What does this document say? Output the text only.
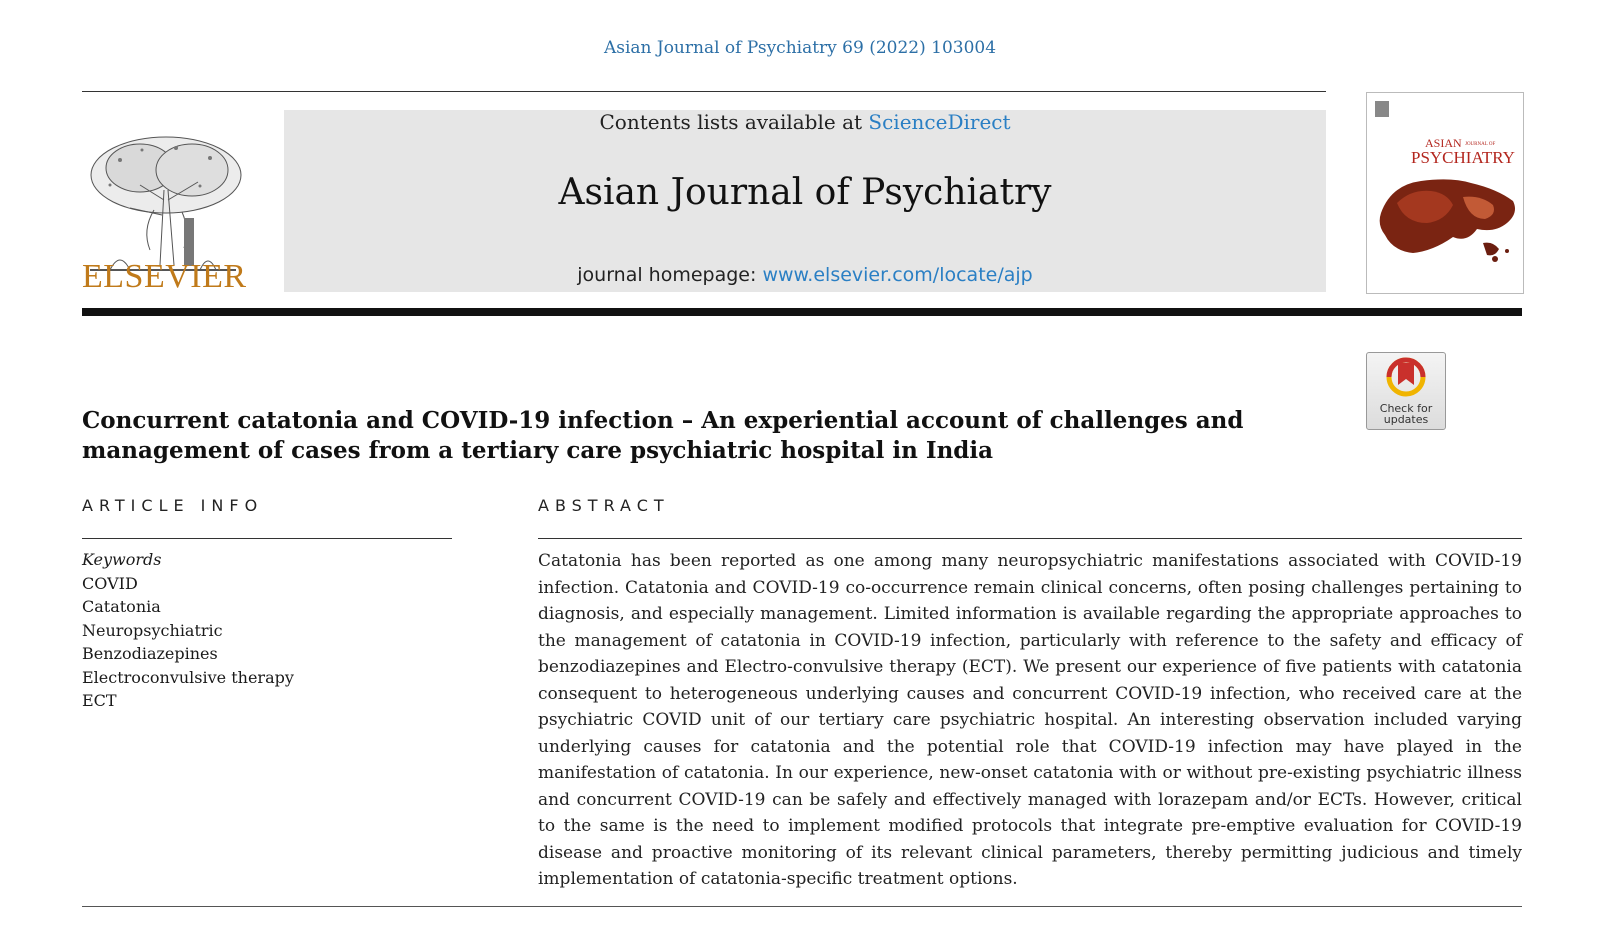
Asian Journal of Psychiatry 69 (2022) 103004
ELSEVIER
Contents lists available at ScienceDirect
Asian Journal of Psychiatry
journal homepage: www.elsevier.com/locate/ajp
ASIAN JOURNAL OF
PSYCHIATRY
Check for updates
Concurrent catatonia and COVID-19 infection – An experiential account of challenges and management of cases from a tertiary care psychiatric hospital in India
ARTICLE INFO
Keywords
COVID
Catatonia
Neuropsychiatric
Benzodiazepines
Electroconvulsive therapy
ECT
ABSTRACT
Catatonia has been reported as one among many neuropsychiatric manifestations associated with COVID-19 infection. Catatonia and COVID-19 co-occurrence remain clinical concerns, often posing challenges pertaining to diagnosis, and especially management. Limited information is available regarding the appropriate approaches to the management of catatonia in COVID-19 infection, particularly with reference to the safety and efficacy of benzodiazepines and Electro-convulsive therapy (ECT). We present our experience of five patients with catatonia consequent to heterogeneous underlying causes and concurrent COVID-19 infection, who received care at the psychiatric COVID unit of our tertiary care psychiatric hospital. An interesting observation included varying underlying causes for catatonia and the potential role that COVID-19 infection may have played in the manifestation of catatonia. In our experience, new-onset catatonia with or without pre-existing psychiatric illness and concurrent COVID-19 can be safely and effectively managed with lorazepam and/or ECTs. However, critical to the same is the need to implement modified protocols that integrate pre-emptive evaluation for COVID-19 disease and proactive monitoring of its relevant clinical parameters, thereby permitting judicious and timely implementation of catatonia-specific treatment options.
